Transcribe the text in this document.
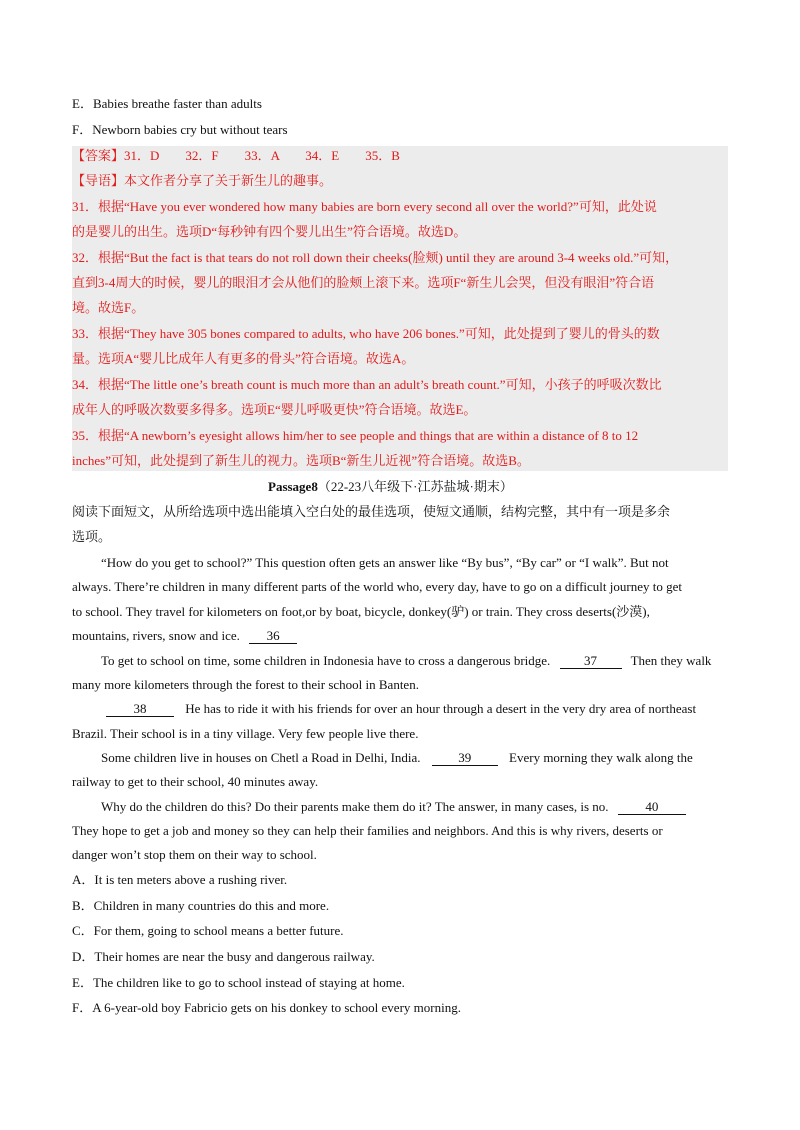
E．Babies breathe faster than adults
F．Newborn babies cry but without tears
【答案】31．D　　32．F　　33．A　　34．E　　35．B
【导语】本文作者分享了关于新生儿的趣事。
31．根据“Have you ever wondered how many babies are born every second all over the world?”可知，此处说
的是婴儿的出生。选项D“每秒钟有四个婴儿出生”符合语境。故选D。
32．根据“But the fact is that tears do not roll down their cheeks(脸颊) until they are around 3-4 weeks old.”可知，
直到3-4周大的时候，婴儿的眼泪才会从他们的脸颊上滚下来。选项F“新生儿会哭，但没有眼泪”符合语
境。故选F。
33．根据“They have 305 bones compared to adults, who have 206 bones.”可知，此处提到了婴儿的骨头的数
量。选项A“婴儿比成年人有更多的骨头”符合语境。故选A。
34．根据“The little one’s breath count is much more than an adult’s breath count.”可知，小孩子的呼吸次数比
成年人的呼吸次数要多得多。选项E“婴儿呼吸更快”符合语境。故选E。
35．根据“A newborn’s eyesight allows him/her to see people and things that are within a distance of 8 to 12
inches”可知，此处提到了新生儿的视力。选项B“新生儿近视”符合语境。故选B。
Passage8（22-23八年级下·江苏盐城·期末）
阅读下面短文，从所给选项中选出能填入空白处的最佳选项，使短文通顺，结构完整，其中有一项是多余
选项。
“How do you get to school?” This question often gets an answer like “By bus”, “By car” or “I walk”. But not
always. There’re children in many different parts of the world who, every day, have to go on a difficult journey to get
to school. They travel for kilometers on foot,or by boat, bicycle, donkey(驴) or train. They cross deserts(沙漠),
mountains, rivers, snow and ice. 36
To get to school on time, some children in Indonesia have to cross a dangerous bridge.	37	Then they walk
many more kilometers through the forest to their school in Banten.
38	He has to ride it with his friends for over an hour through a desert in the very dry area of northeast
Brazil. Their school is in a tiny village. Very few people live there.
Some children live in houses on Chetl a Road in Delhi, India.	39	Every morning they walk along the
railway to get to their school, 40 minutes away.
Why do the children do this? Do their parents make them do it? The answer, in many cases, is no.	40
They hope to get a job and money so they can help their families and neighbors. And this is why rivers, deserts or
danger won’t stop them on their way to school.
A．It is ten meters above a rushing river.
B．Children in many countries do this and more.
C．For them, going to school means a better future.
D．Their homes are near the busy and dangerous railway.
E．The children like to go to school instead of staying at home.
F．A 6-year-old boy Fabricio gets on his donkey to school every morning.
